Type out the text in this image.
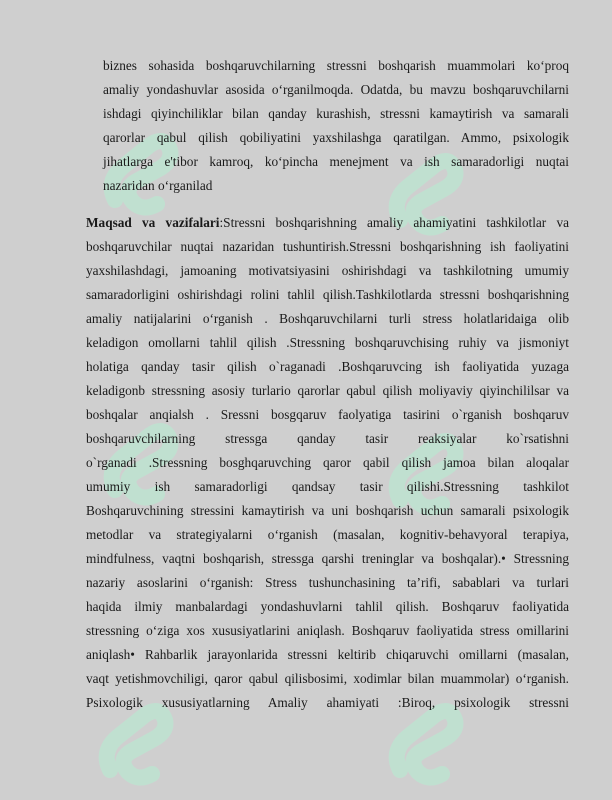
biznes sohasida boshqaruvchilarning stressni boshqarish muammolari ko‘proq
amaliy yondashuvlar asosida o‘rganilmoqda. Odatda, bu mavzu boshqaruvchilarni
ishdagi qiyinchiliklar bilan qanday kurashish, stressni kamaytirish va samarali
qarorlar qabul qilish qobiliyatini yaxshilashga qaratilgan. Ammo, psixologik
jihatlarga e'tibor kamroq, ko‘pincha menejment va ish samaradorligi nuqtai
nazaridan o‘rganilad
Maqsad va vazifalari:Stressni boshqarishning amaliy ahamiyatini tashkilotlar va
boshqaruvchilar nuqtai nazaridan tushuntirish.Stressni boshqarishning ish faoliyatini
yaxshilashdagi, jamoaning motivatsiyasini oshirishdagi va tashkilotning umumiy
samaradorligini oshirishdagi rolini tahlil qilish.Tashkilotlarda stressni boshqarishning
amaliy natijalarini o‘rganish . Boshqaruvchilarni turli stress holatlaridaiga olib
keladigon omollarni tahlil qilish .Stressning boshqaruvchising ruhiy va jismoniyt
holatiga qanday tasir qilish o`raganadi .Boshqaruvcing ish faoliyatida yuzaga
keladigonb stressning asosiy turlario qarorlar qabul qilish moliyaviy qiyinchililsar va
boshqalar anqialsh . Sressni bosgqaruv faolyatiga tasirini o`rganish boshqaruv
boshqaruvchilarning stressga qanday tasir reaksiyalar ko`rsatishni
o`rganadi .Stressning bosghqaruvching qaror qabil qilish jamoa bilan aloqalar
umumiy ish samaradorligi qandsay tasir qilishi.Stressning tashkilot
Boshqaruvchining stressini kamaytirish va uni boshqarish uchun samarali psixologik
metodlar va strategiyalarni o‘rganish (masalan, kognitiv-behavyoral terapiya,
mindfulness, vaqtni boshqarish, stressga qarshi treninglar va boshqalar).• Stressning
nazariy asoslarini o‘rganish: Stress tushunchasining ta’rifi, sabablari va turlari
haqida ilmiy manbalardagi yondashuvlarni tahlil qilish. Boshqaruv faoliyatida
stressning o‘ziga xos xususiyatlarini aniqlash. Boshqaruv faoliyatida stress omillarini
aniqlash• Rahbarlik jarayonlarida stressni keltirib chiqaruvchi omillarni (masalan,
vaqt yetishmovchiligi, qaror qabul qilisbosimi, xodimlar bilan muammolar) o‘rganish.
Psixologik xususiyatlarning Amaliy ahamiyati :Biroq, psixologik stressni
